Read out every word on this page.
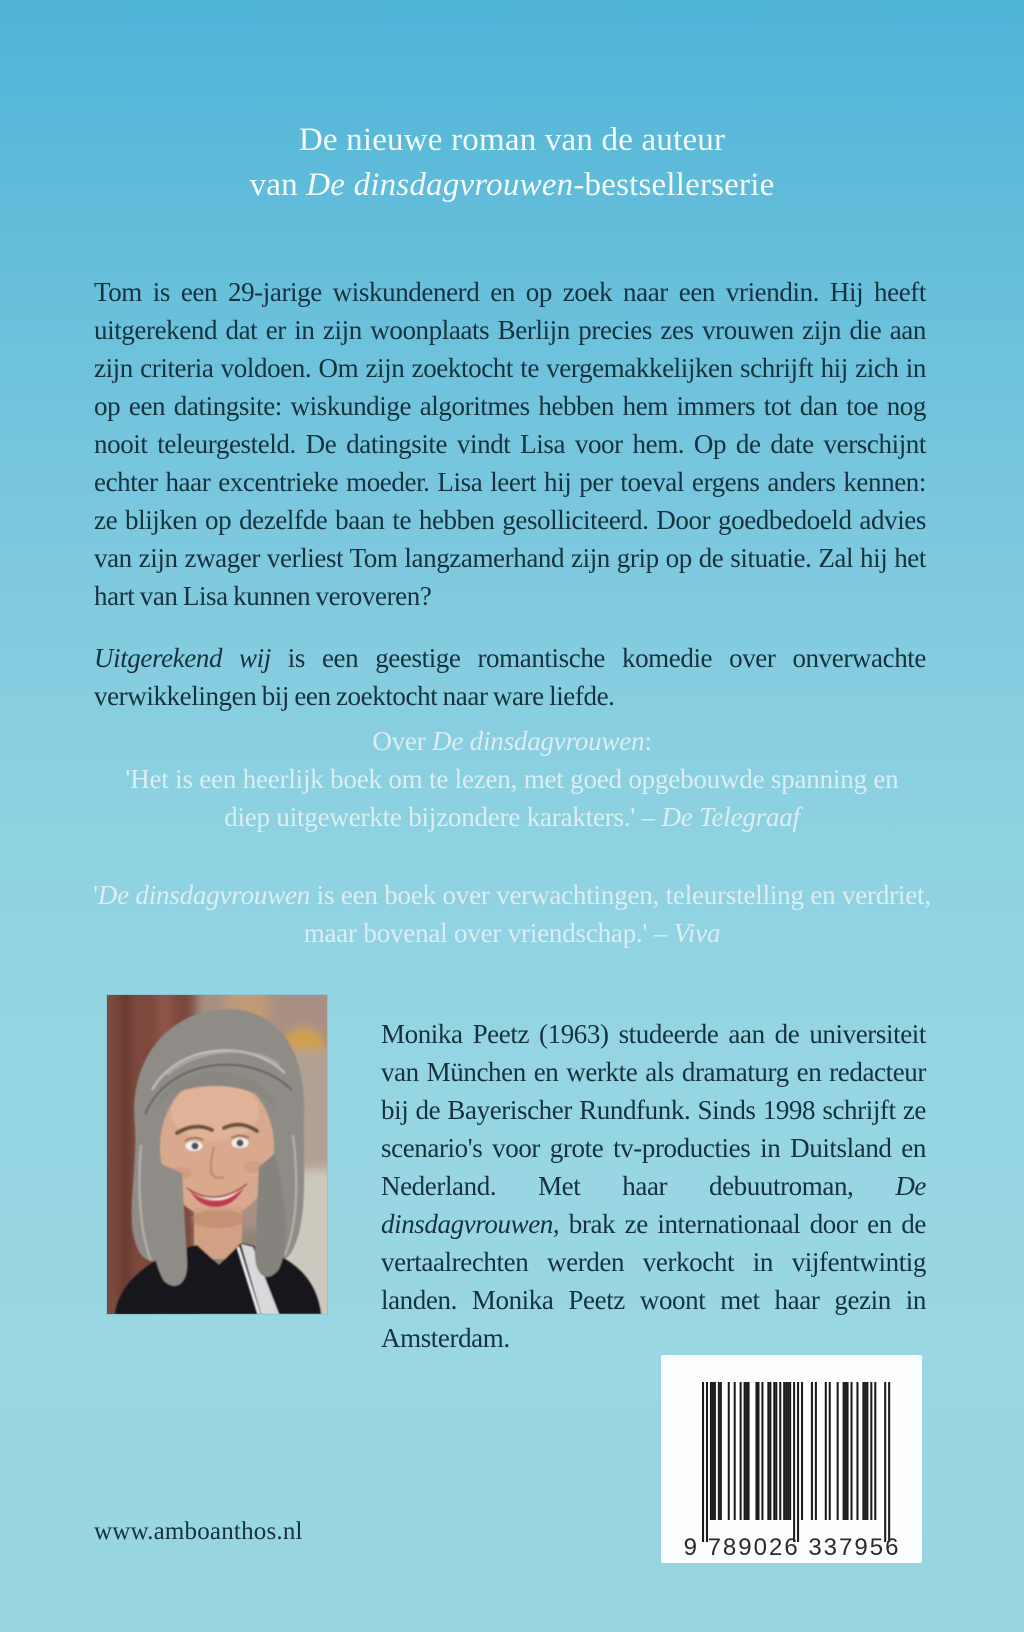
De nieuwe roman van de auteur
van De dinsdagvrouwen-bestsellerserie

Tom is een 29-jarige wiskundenerd en op zoek naar een vriendin. Hij heeft uitgerekend dat er in zijn woonplaats Berlijn precies zes vrouwen zijn die aan zijn criteria voldoen. Om zijn zoektocht te vergemakkelijken schrijft hij zich in op een datingsite: wiskundige algoritmes hebben hem immers tot dan toe nog nooit teleurgesteld. De datingsite vindt Lisa voor hem. Op de date verschijnt echter haar excentrieke moeder. Lisa leert hij per toeval ergens anders kennen: ze blijken op dezelfde baan te hebben gesolliciteerd. Door goedbedoeld advies van zijn zwager verliest Tom langzamerhand zijn grip op de situatie. Zal hij het hart van Lisa kunnen veroveren?

Uitgerekend wij is een geestige romantische komedie over onverwachte verwikkelingen bij een zoektocht naar ware liefde.

Over De dinsdagvrouwen:
'Het is een heerlijk boek om te lezen, met goed opgebouwde spanning en diep uitgewerkte bijzondere karakters.' – De Telegraaf
'De dinsdagvrouwen is een boek over verwachtingen, teleurstelling en verdriet, maar bovenal over vriendschap.' – Viva

Monika Peetz (1963) studeerde aan de universiteit van München en werkte als dramaturg en redacteur bij de Bayerischer Rundfunk. Sinds 1998 schrijft ze scenario's voor grote tv-producties in Duitsland en Nederland. Met haar debuutroman, De dinsdagvrouwen, brak ze internationaal door en de vertaalrechten werden verkocht in vijfentwintig landen. Monika Peetz woont met haar gezin in Amsterdam.

www.amboanthos.nl
9 789026 337956
